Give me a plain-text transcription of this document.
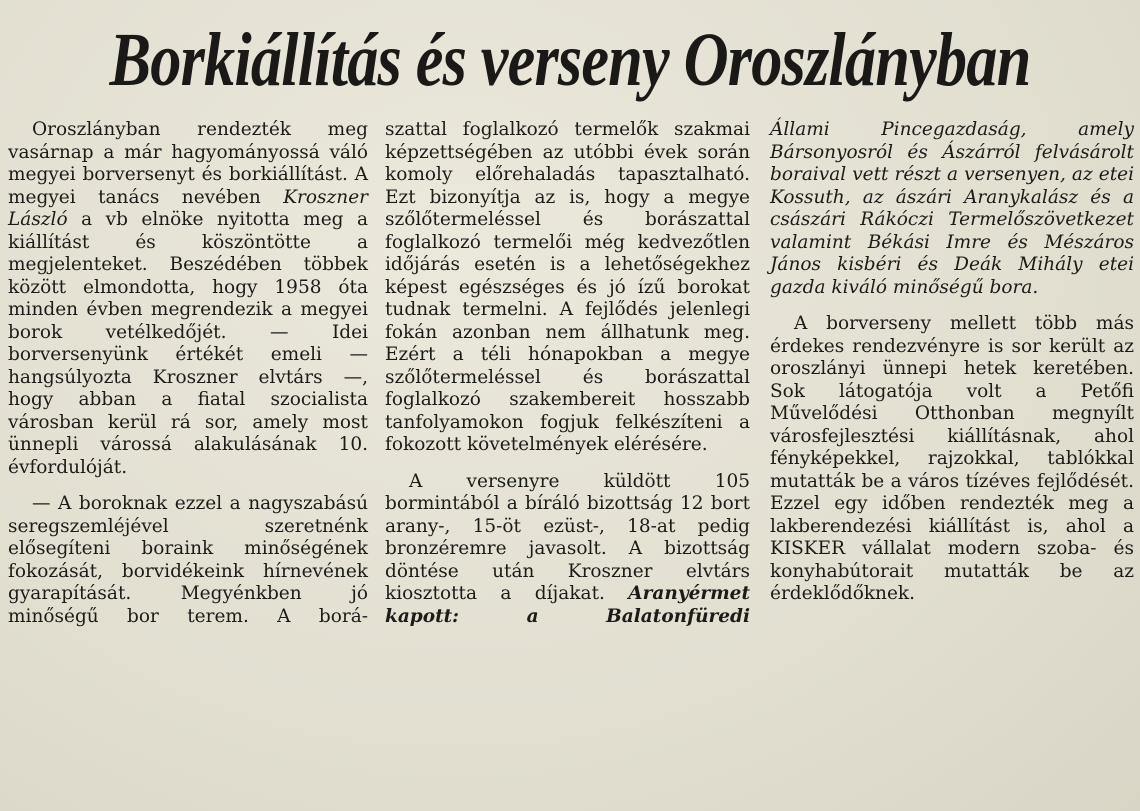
Borkiállítás és verseny Oroszlányban

Oroszlányban rendezték meg vasárnap a már hagyományossá váló megyei borversenyt és borkiállítást. A megyei tanács nevében Kroszner László a vb elnöke nyitotta meg a kiállítást és köszöntötte a megjelenteket. Beszédében többek között elmondotta, hogy 1958 óta minden évben megrendezik a megyei borok vetélkedőjét. — Idei borversenyünk értékét emeli — hangsúlyozta Kroszner elvtárs —, hogy abban a fiatal szocialista városban kerül rá sor, amely most ünnepli várossá alakulásának 10. évfordulóját.

— A boroknak ezzel a nagyszabású seregszemléjével szeretnénk elősegíteni boraink minőségének fokozását, borvidékeink hírnevének gyarapítását. Megyénkben jó minőségű bor terem. A borá-

szattal foglalkozó termelők szakmai képzettségében az utóbbi évek során komoly előrehaladás tapasztalható. Ezt bizonyítja az is, hogy a megye szőlőtermeléssel és borászattal foglalkozó termelői még kedvezőtlen időjárás esetén is a lehetőségekhez képest egészséges és jó ízű borokat tudnak termelni. A fejlődés jelenlegi fokán azonban nem állhatunk meg. Ezért a téli hónapokban a megye szőlőtermeléssel és borászattal foglalkozó szakembereit hosszabb tanfolyamokon fogjuk felkészíteni a fokozott követelmények elérésére.

A versenyre küldött 105 bormintából a bíráló bizottság 12 bort arany-, 15-öt ezüst-, 18-at pedig bronzéremre javasolt. A bizottság döntése után Kroszner elvtárs kiosztotta a díjakat. Aranyérmet kapott: a Balatonfüredi

Állami Pincegazdaság, amely Bársonyosról és Ászárról felvásárolt boraival vett részt a versenyen, az etei Kossuth, az ászári Aranykalász és a császári Rákóczi Termelőszövetkezet valamint Békási Imre és Mészáros János kisbéri és Deák Mihály etei gazda kiváló minőségű bora.

A borverseny mellett több más érdekes rendezvényre is sor került az oroszlányi ünnepi hetek keretében. Sok látogatója volt a Petőfi Művelődési Otthonban megnyílt városfejlesztési kiállításnak, ahol fényképekkel, rajzokkal, tablókkal mutatták be a város tízéves fejlődését. Ezzel egy időben rendezték meg a lakberendezési kiállítást is, ahol a KISKER vállalat modern szoba- és konyhabútorait mutatták be az érdeklődőknek.
